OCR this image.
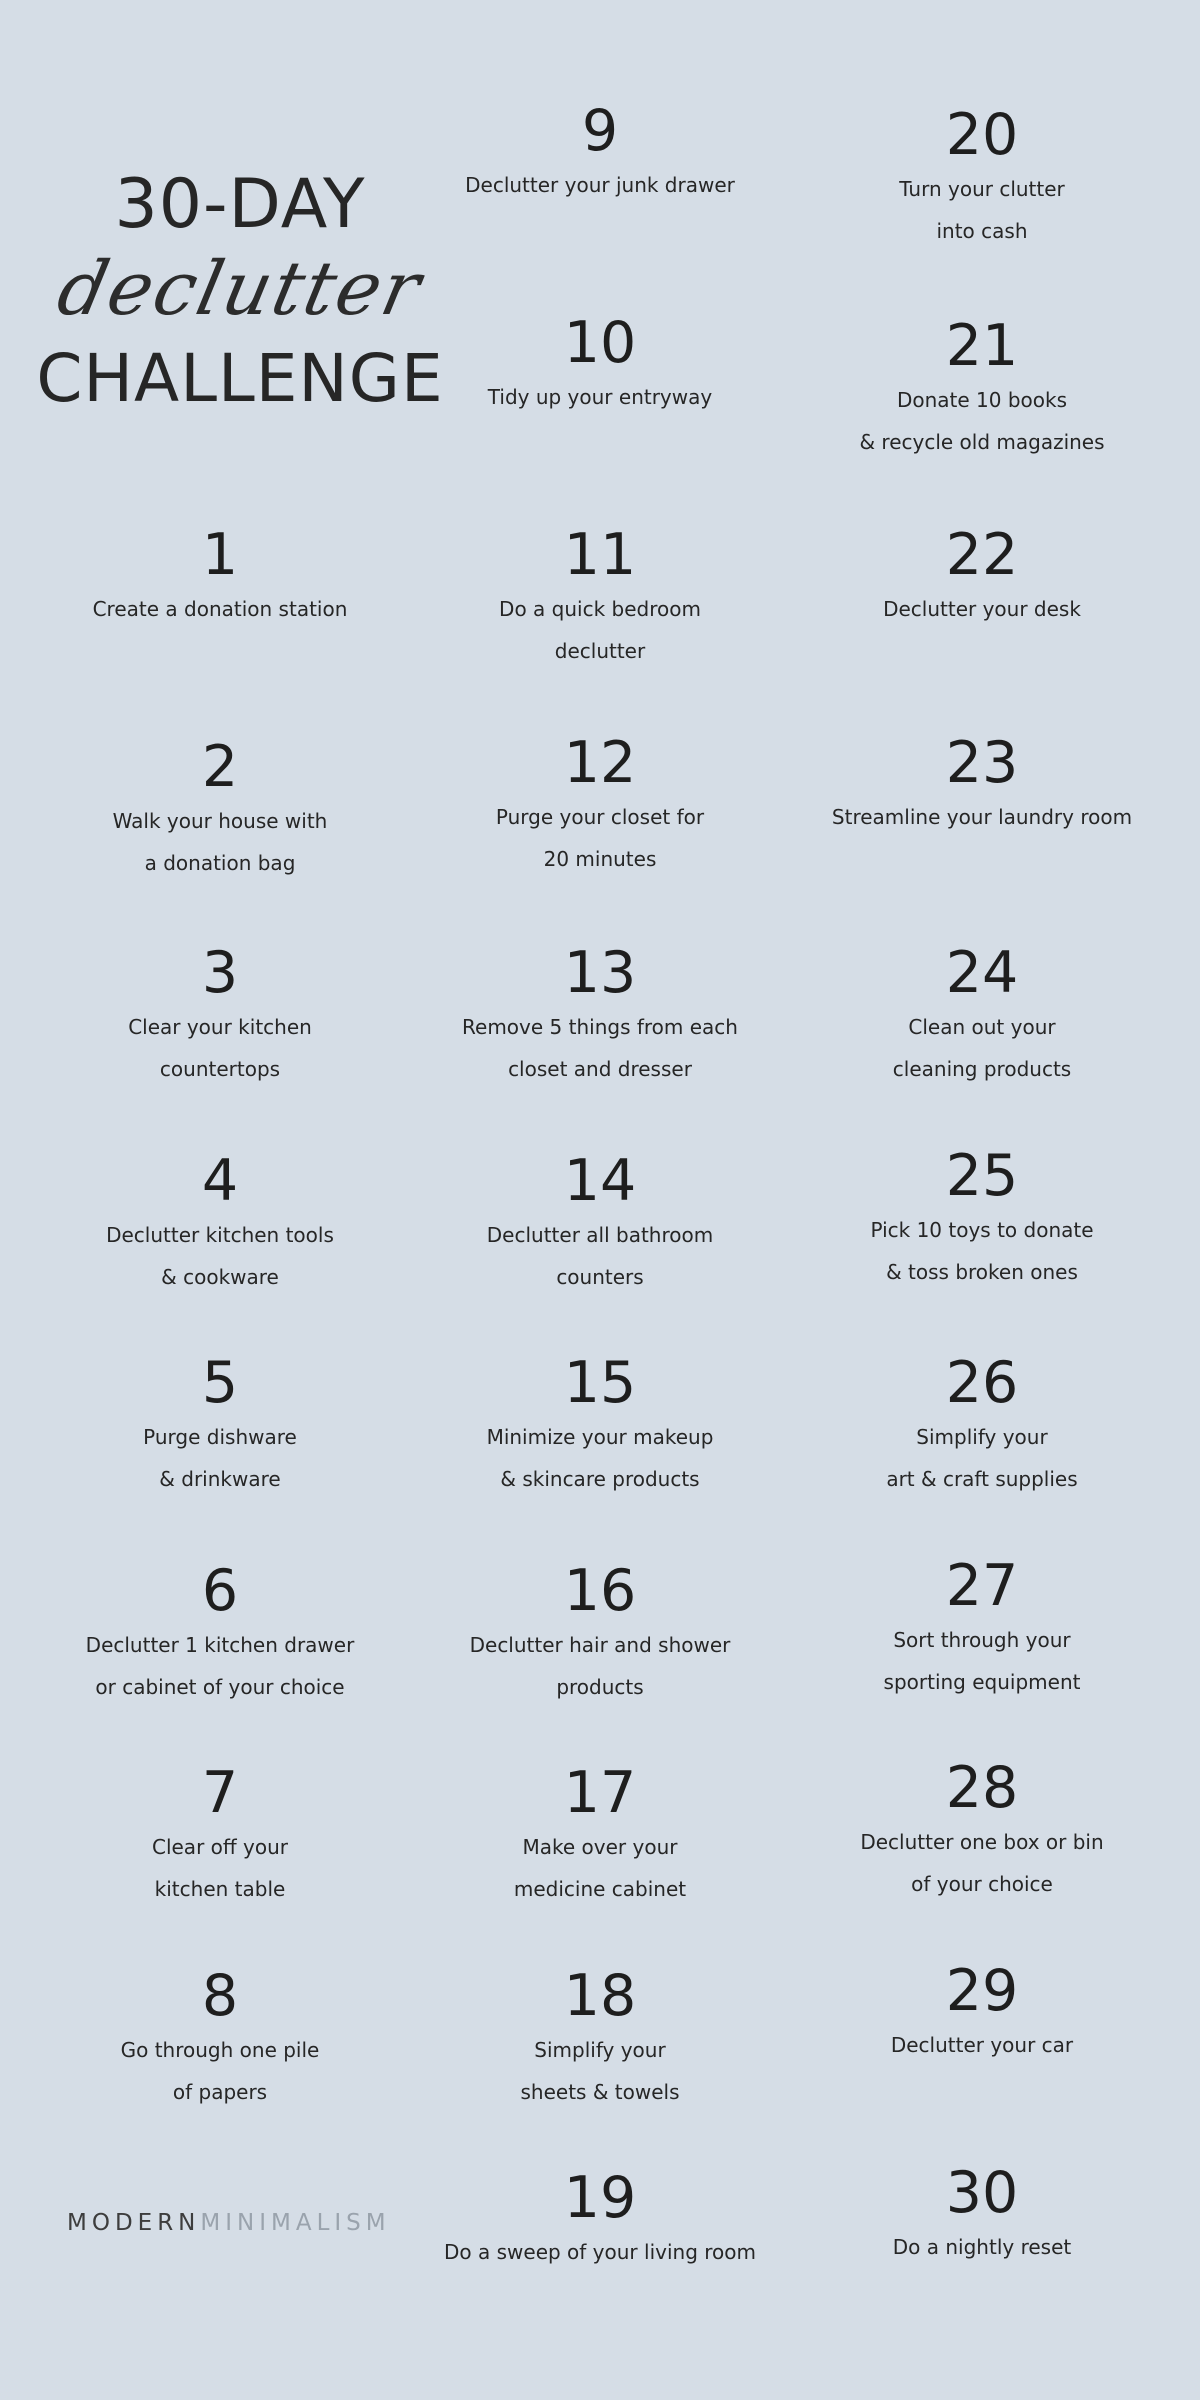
30-DAY
declutter
CHALLENGE
1
Create a donation station
2
Walk your house with
a donation bag
3
Clear your kitchen
countertops
4
Declutter kitchen tools
& cookware
5
Purge dishware
& drinkware
6
Declutter 1 kitchen drawer
or cabinet of your choice
7
Clear off your
kitchen table
8
Go through one pile
of papers
9
Declutter your junk drawer
10
Tidy up your entryway
11
Do a quick bedroom
declutter
12
Purge your closet for
20 minutes
13
Remove 5 things from each
closet and dresser
14
Declutter all bathroom
counters
15
Minimize your makeup
& skincare products
16
Declutter hair and shower
products
17
Make over your
medicine cabinet
18
Simplify your
sheets & towels
19
Do a sweep of your living room
20
Turn your clutter
into cash
21
Donate 10 books
& recycle old magazines
22
Declutter your desk
23
Streamline your laundry room
24
Clean out your
cleaning products
25
Pick 10 toys to donate
& toss broken ones
26
Simplify your
art & craft supplies
27
Sort through your
sporting equipment
28
Declutter one box or bin
of your choice
29
Declutter your car
30
Do a nightly reset
MODERNMINIMALISM
